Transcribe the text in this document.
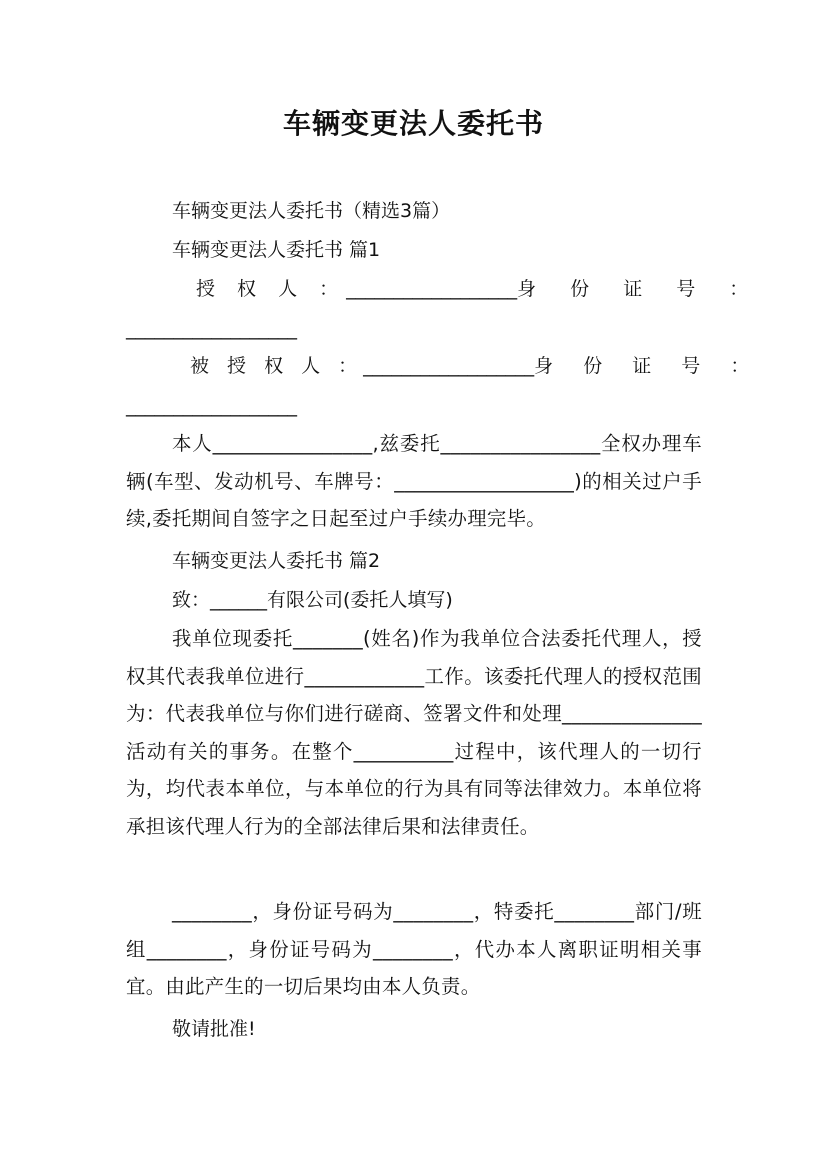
车辆变更法人委托书
车辆变更法人委托书（精选3篇）
车辆变更法人委托书 篇1
授 权 人 ： __________________ 身 份 证 号 ：
__________________
被 授 权 人 ： __________________ 身 份 证 号 ：
__________________
本人________________,兹委托________________全权办理车辆(车型、发动机号、车牌号：__________________)的相关过户手续,委托期间自签字之日起至过户手续办理完毕。
车辆变更法人委托书 篇2
致：______有限公司(委托人填写)
我单位现委托_______(姓名)作为我单位合法委托代理人，授权其代表我单位进行____________工作。该委托代理人的授权范围为：代表我单位与你们进行磋商、签署文件和处理______________活动有关的事务。在整个__________过程中，该代理人的一切行为，均代表本单位，与本单位的行为具有同等法律效力。本单位将承担该代理人行为的全部法律后果和法律责任。
________，身份证号码为________，特委托________部门/班组________，身份证号码为________，代办本人离职证明相关事宜。由此产生的一切后果均由本人负责。
敬请批准!
